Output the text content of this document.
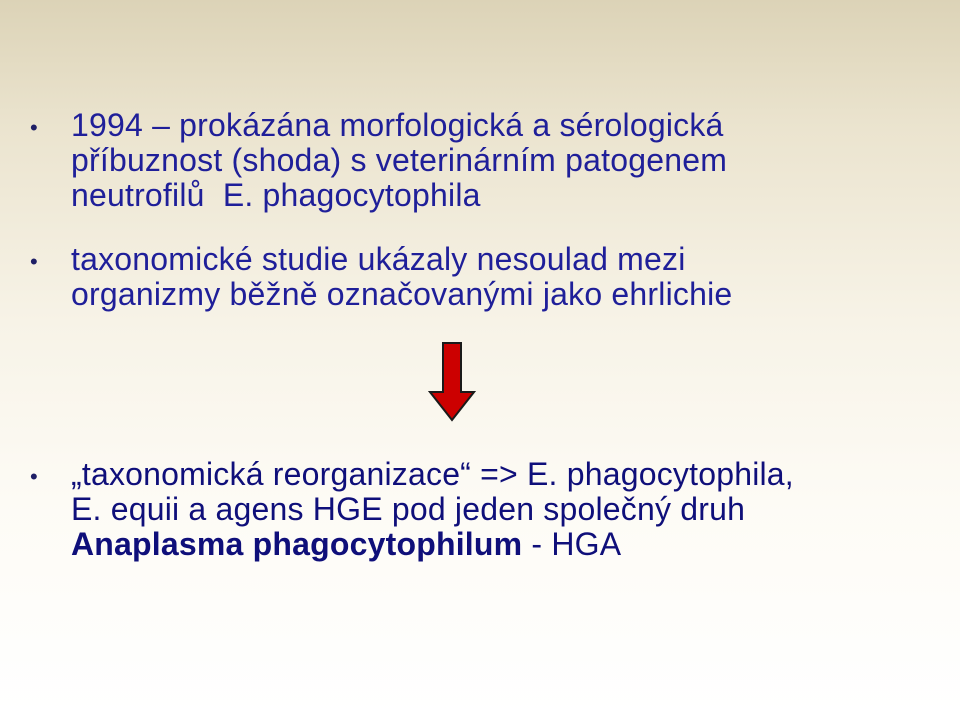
• 1994 – prokázána morfologická a sérologická
příbuznost (shoda) s veterinárním patogenem
neutrofilů  E. phagocytophila
• taxonomické studie ukázaly nesoulad mezi
organizmy běžně označovanými jako ehrlichie
• „taxonomická reorganizace“ => E. phagocytophila,
E. equii a agens HGE pod jeden společný druh
Anaplasma phagocytophilum - HGA
